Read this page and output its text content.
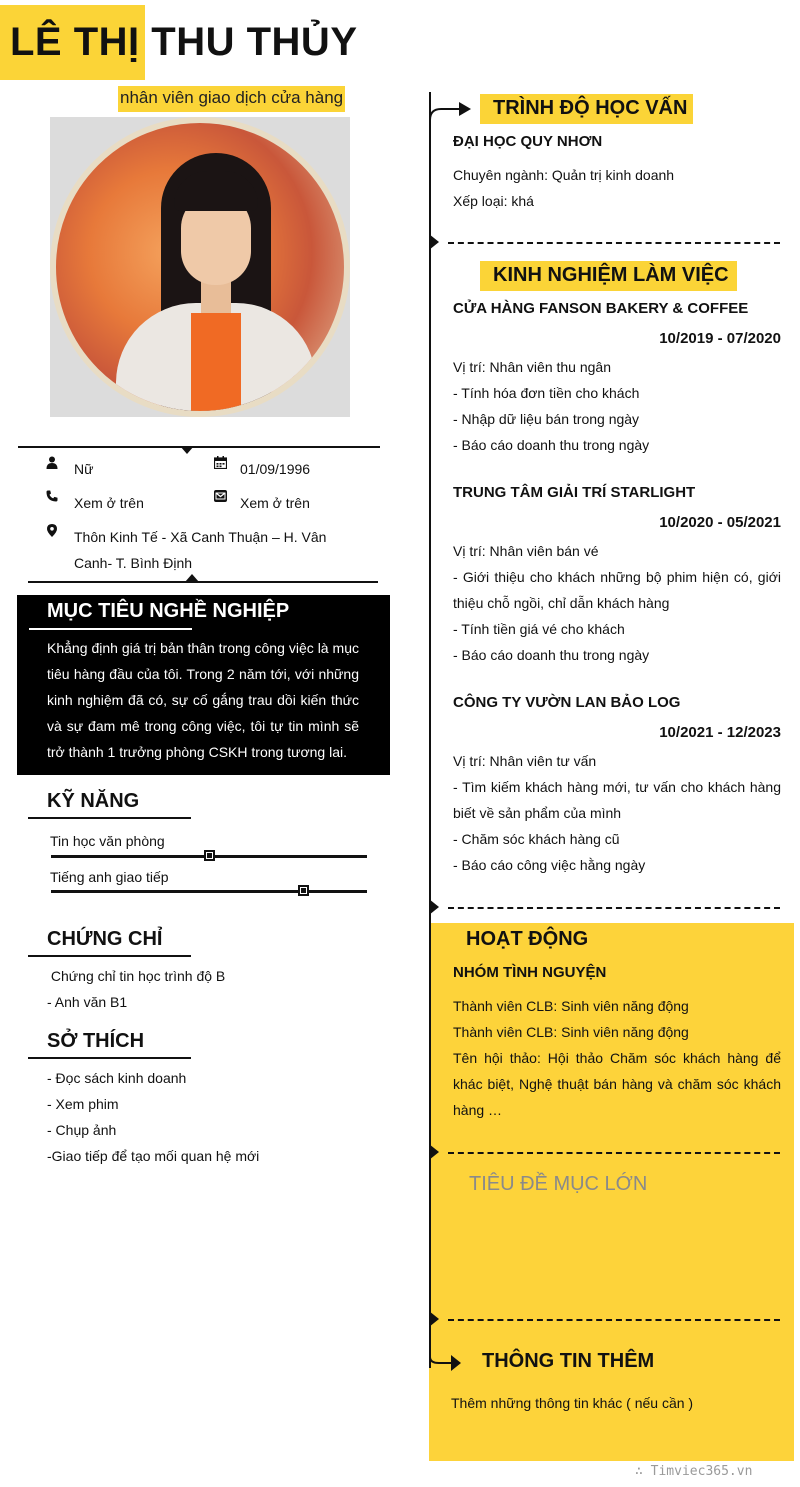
LÊ THỊ THU THỦY
nhân viên giao dịch cửa hàng
Nữ	01/09/1996
Xem ở trên	Xem ở trên
Thôn Kinh Tế - Xã Canh Thuận – H. Vân Canh- T. Bình Định
MỤC TIÊU NGHỀ NGHIỆP
Khẳng định giá trị bản thân trong công việc là mục tiêu hàng đầu của tôi. Trong 2 năm tới, với những kinh nghiệm đã có, sự cố gắng trau dồi kiến thức và sự đam mê trong công việc, tôi tự tin mình sẽ trở thành 1 trưởng phòng CSKH trong tương lai.
KỸ NĂNG
Tin học văn phòng
Tiếng anh giao tiếp
CHỨNG CHỈ
Chứng chỉ tin học trình độ B
- Anh văn B1
SỞ THÍCH
- Đọc sách kinh doanh
- Xem phim
- Chụp ảnh
-Giao tiếp để tạo mối quan hệ mới
TRÌNH ĐỘ HỌC VẤN
ĐẠI HỌC QUY NHƠN
Chuyên ngành: Quản trị kinh doanh
Xếp loại: khá
KINH NGHIỆM LÀM VIỆC
CỬA HÀNG FANSON BAKERY & COFFEE
10/2019 - 07/2020
Vị trí: Nhân viên thu ngân
- Tính hóa đơn tiền cho khách
- Nhập dữ liệu bán trong ngày
- Báo cáo doanh thu trong ngày
TRUNG TÂM GIẢI TRÍ STARLIGHT
10/2020 - 05/2021
Vị trí: Nhân viên bán vé
- Giới thiệu cho khách những bộ phim hiện có, giới thiệu chỗ ngồi, chỉ dẫn khách hàng
- Tính tiền giá vé cho khách
- Báo cáo doanh thu trong ngày
CÔNG TY VƯỜN LAN BẢO LOG
10/2021 - 12/2023
Vị trí: Nhân viên tư vấn
- Tìm kiếm khách hàng mới, tư vấn cho khách hàng biết về sản phẩm của mình
- Chăm sóc khách hàng cũ
- Báo cáo công việc hằng ngày
HOẠT ĐỘNG
NHÓM TÌNH NGUYỆN
Thành viên CLB: Sinh viên năng động
Thành viên CLB: Sinh viên năng động
Tên hội thảo: Hội thảo Chăm sóc khách hàng để khác biệt, Nghệ thuật bán hàng và chăm sóc khách hàng …
TIÊU ĐỀ MỤC LỚN
THÔNG TIN THÊM
Thêm những thông tin khác ( nếu cần )
∴ Timviec365.vn
